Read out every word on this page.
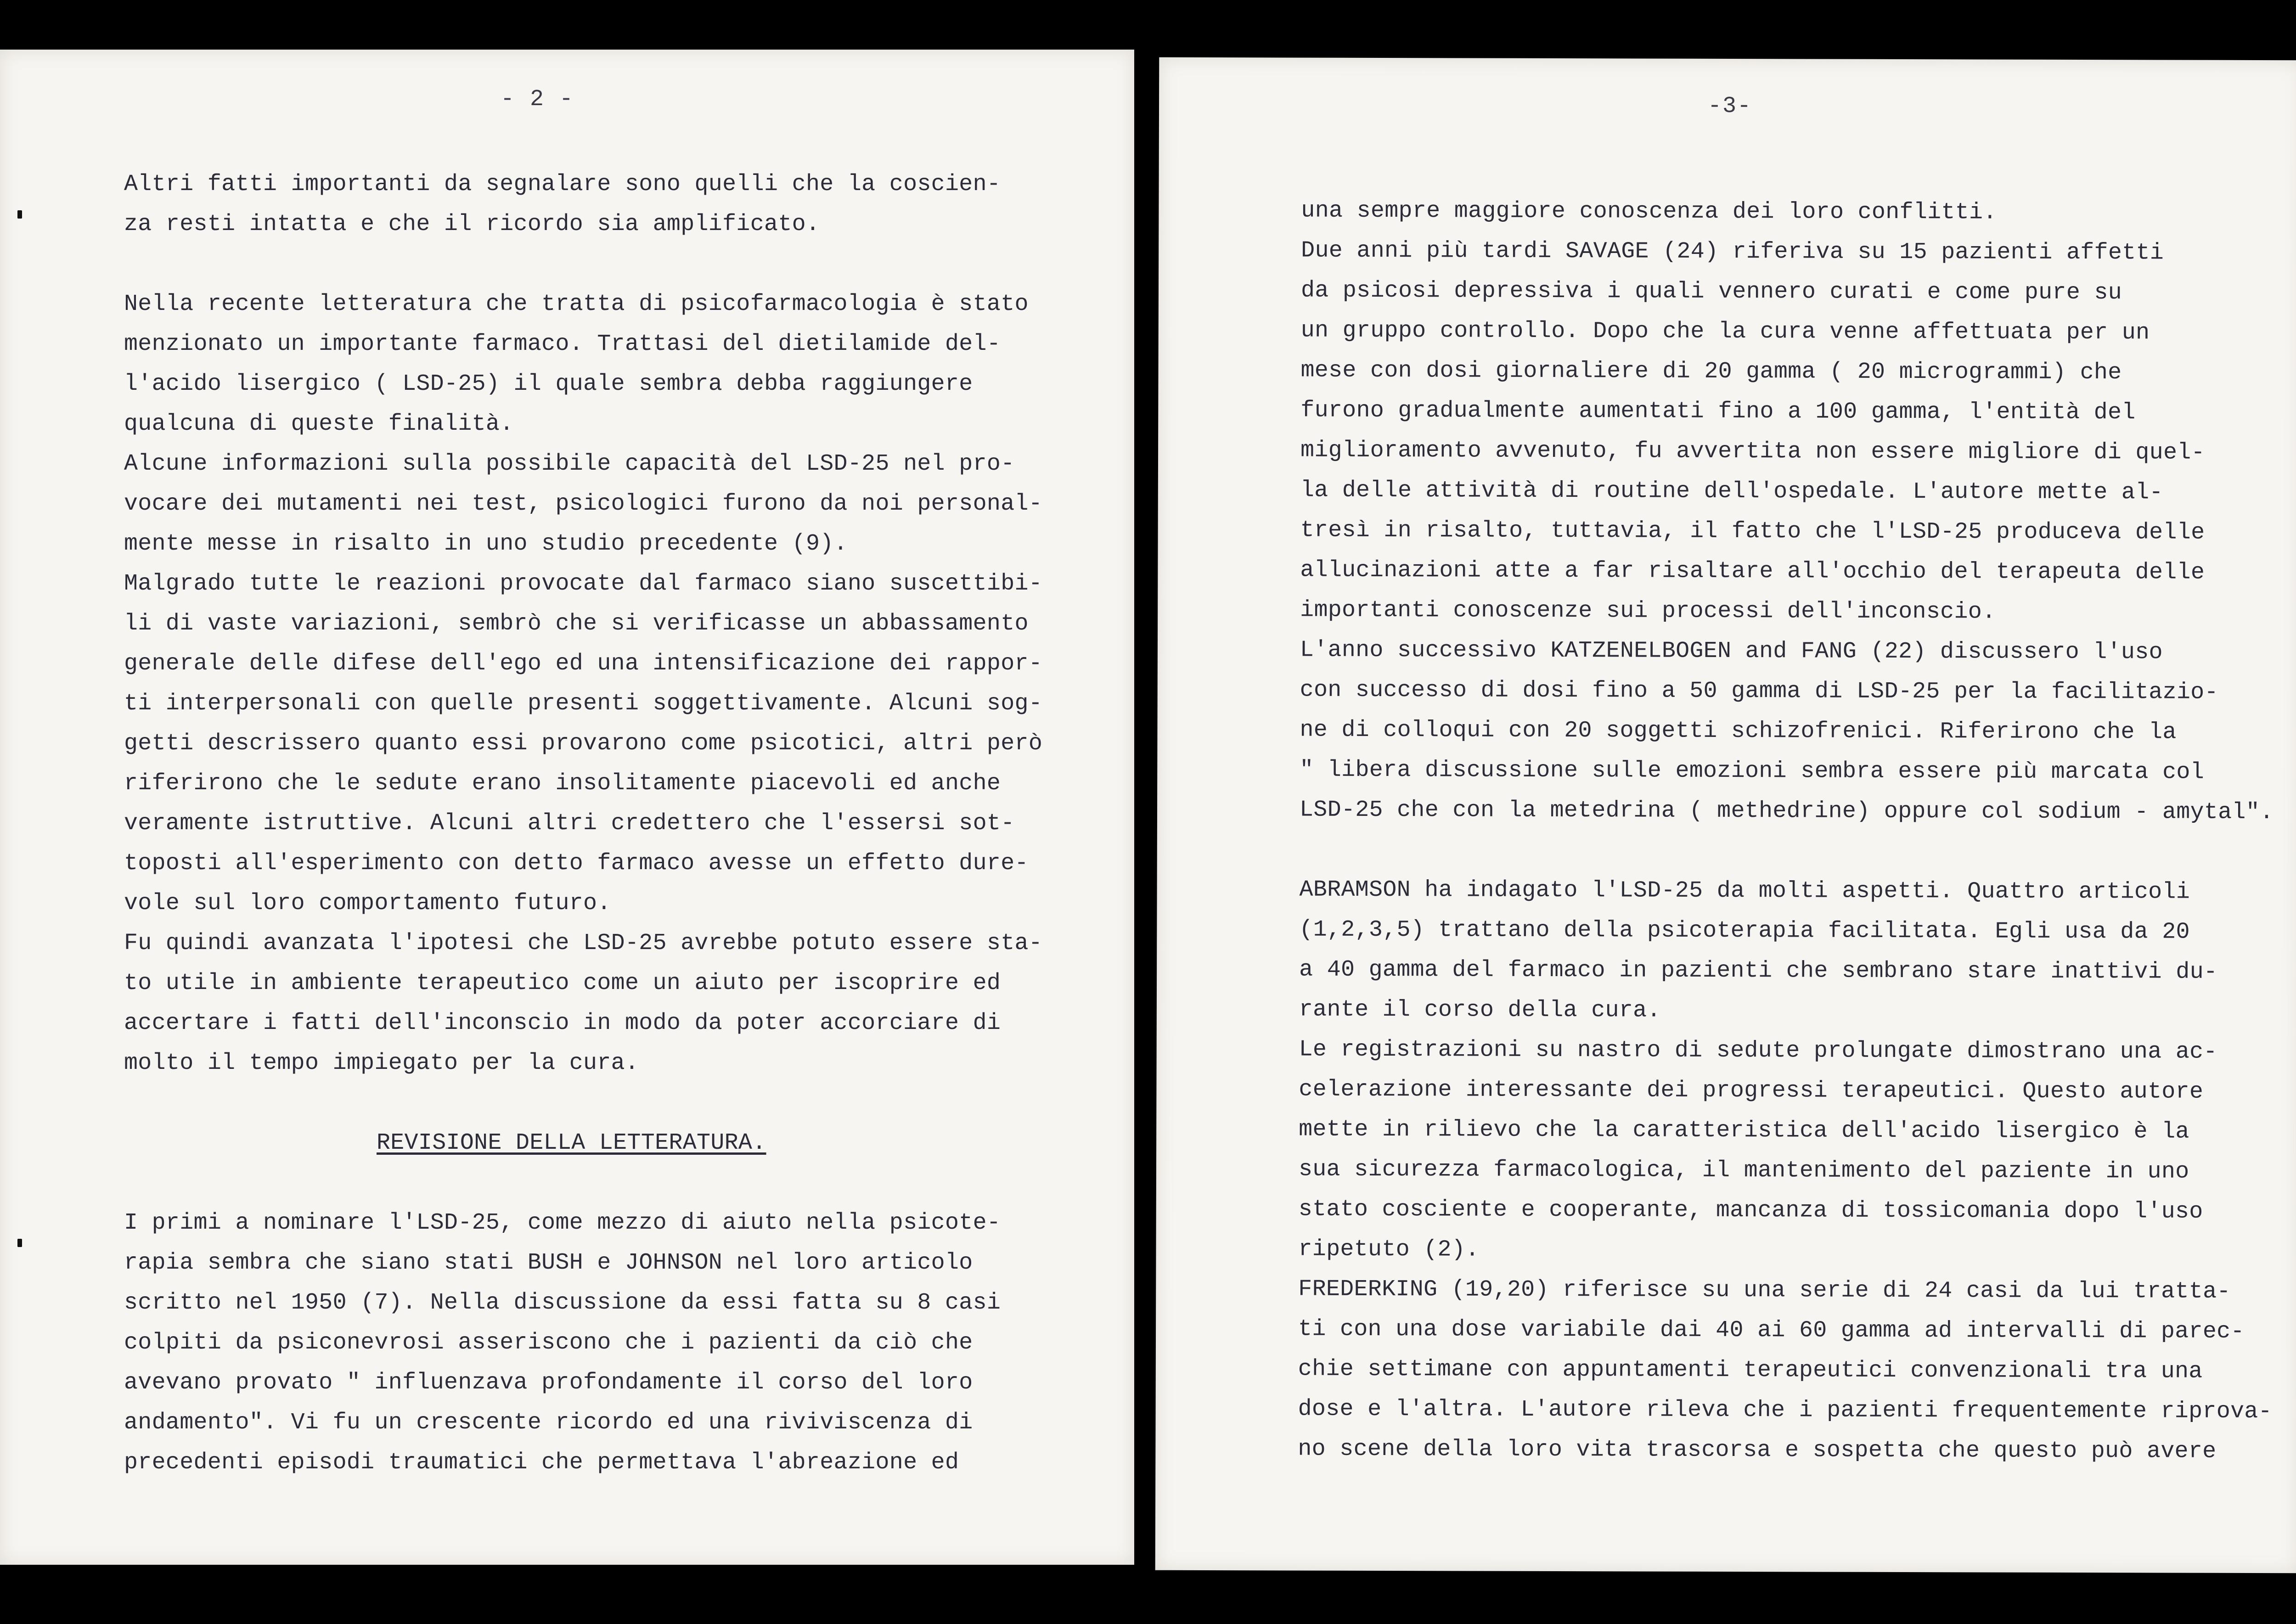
- 2 -
Altri fatti importanti da segnalare sono quelli che la coscien-
za resti intatta e che il ricordo sia amplificato.
Nella recente letteratura che tratta di psicofarmacologia è stato
menzionato un importante farmaco. Trattasi del dietilamide del-
l'acido lisergico ( LSD-25) il quale sembra debba raggiungere
qualcuna di queste finalità.
Alcune informazioni sulla possibile capacità del LSD-25 nel pro-
vocare dei mutamenti nei test, psicologici furono da noi personal-
mente messe in risalto in uno studio precedente (9).
Malgrado tutte le reazioni provocate dal farmaco siano suscettibi-
li di vaste variazioni, sembrò che si verificasse un abbassamento
generale delle difese dell'ego ed una intensificazione dei rappor-
ti interpersonali con quelle presenti soggettivamente. Alcuni sog-
getti descrissero quanto essi provarono come psicotici, altri però
riferirono che le sedute erano insolitamente piacevoli ed anche
veramente istruttive. Alcuni altri credettero che l'essersi sot-
toposti all'esperimento con detto farmaco avesse un effetto dure-
vole sul loro comportamento futuro.
Fu quindi avanzata l'ipotesi che LSD-25 avrebbe potuto essere sta-
to utile in ambiente terapeutico come un aiuto per iscoprire ed
accertare i fatti dell'inconscio in modo da poter accorciare di
molto il tempo impiegato per la cura.
REVISIONE DELLA LETTERATURA.
I primi a nominare l'LSD-25, come mezzo di aiuto nella psicote-
rapia sembra che siano stati BUSH e JOHNSON nel loro articolo
scritto nel 1950 (7). Nella discussione da essi fatta su 8 casi
colpiti da psiconevrosi asseriscono che i pazienti da ciò che
avevano provato " influenzava profondamente il corso del loro
andamento". Vi fu un crescente ricordo ed una riviviscenza di
precedenti episodi traumatici che permettava l'abreazione ed
-3-
una sempre maggiore conoscenza dei loro conflitti.
Due anni più tardi SAVAGE (24) riferiva su 15 pazienti affetti
da psicosi depressiva i quali vennero curati e come pure su
un gruppo controllo. Dopo che la cura venne affettuata per un
mese con dosi giornaliere di 20 gamma ( 20 microgrammi) che
furono gradualmente aumentati fino a 100 gamma, l'entità del
miglioramento avvenuto, fu avvertita non essere migliore di quel-
la delle attività di routine dell'ospedale. L'autore mette al-
tresì in risalto, tuttavia, il fatto che l'LSD-25 produceva delle
allucinazioni atte a far risaltare all'occhio del terapeuta delle
importanti conoscenze sui processi dell'inconscio.
L'anno successivo KATZENELBOGEN and FANG (22) discussero l'uso
con successo di dosi fino a 50 gamma di LSD-25 per la facilitazio-
ne di colloqui con 20 soggetti schizofrenici. Riferirono che la
" libera discussione sulle emozioni sembra essere più marcata col
LSD-25 che con la metedrina ( methedrine) oppure col sodium - amytal".
ABRAMSON ha indagato l'LSD-25 da molti aspetti. Quattro articoli
(1,2,3,5) trattano della psicoterapia facilitata. Egli usa da 20
a 40 gamma del farmaco in pazienti che sembrano stare inattivi du-
rante il corso della cura.
Le registrazioni su nastro di sedute prolungate dimostrano una ac-
celerazione interessante dei progressi terapeutici. Questo autore
mette in rilievo che la caratteristica dell'acido lisergico è la
sua sicurezza farmacologica, il mantenimento del paziente in uno
stato cosciente e cooperante, mancanza di tossicomania dopo l'uso
ripetuto (2).
FREDERKING (19,20) riferisce su una serie di 24 casi da lui tratta-
ti con una dose variabile dai 40 ai 60 gamma ad intervalli di parec-
chie settimane con appuntamenti terapeutici convenzionali tra una
dose e l'altra. L'autore rileva che i pazienti frequentemente riprova-
no scene della loro vita trascorsa e sospetta che questo può avere
